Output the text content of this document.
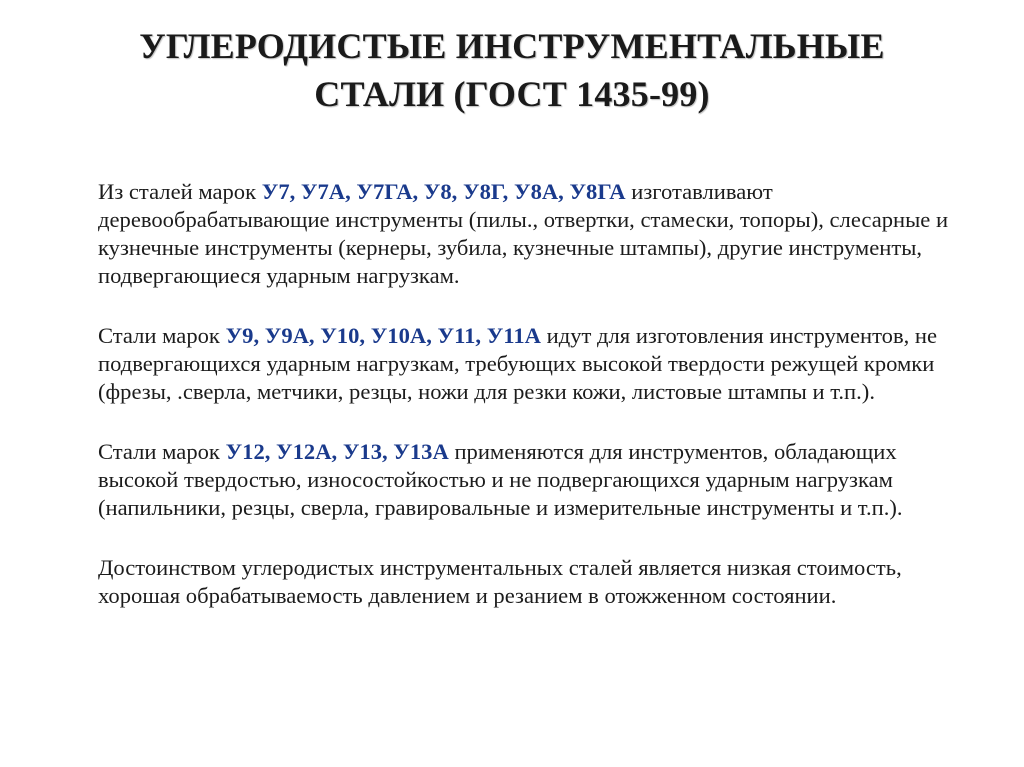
УГЛЕРОДИСТЫЕ ИНСТРУМЕНТАЛЬНЫЕ
СТАЛИ (ГОСТ 1435-99)

Из сталей марок У7, У7А, У7ГА, У8, У8Г, У8А, У8ГА изготавливают деревообрабатывающие инструменты (пилы., отвертки, стамески, топоры), слесарные и кузнечные инструменты (кернеры, зубила, кузнечные штампы), другие инструменты, подвергающиеся ударным нагрузкам.

Стали марок У9, У9А, У10, У10А, У11, У11А идут для изготовления инструментов, не подвергающихся ударным нагрузкам, требующих высокой твердости режущей кромки (фрезы, .сверла, метчики, резцы, ножи для резки кожи, листовые штампы и т.п.).

Стали марок У12, У12А, У13, У13А применяются для инструментов, обладающих высокой твердостью, износостойкостью и не подвергающихся ударным нагрузкам (напильники, резцы, сверла, гравировальные и измерительные инструменты и т.п.).

Достоинством углеродистых инструментальных сталей является низкая стоимость, хорошая обрабатываемость давлением и резанием в отожженном состоянии.
